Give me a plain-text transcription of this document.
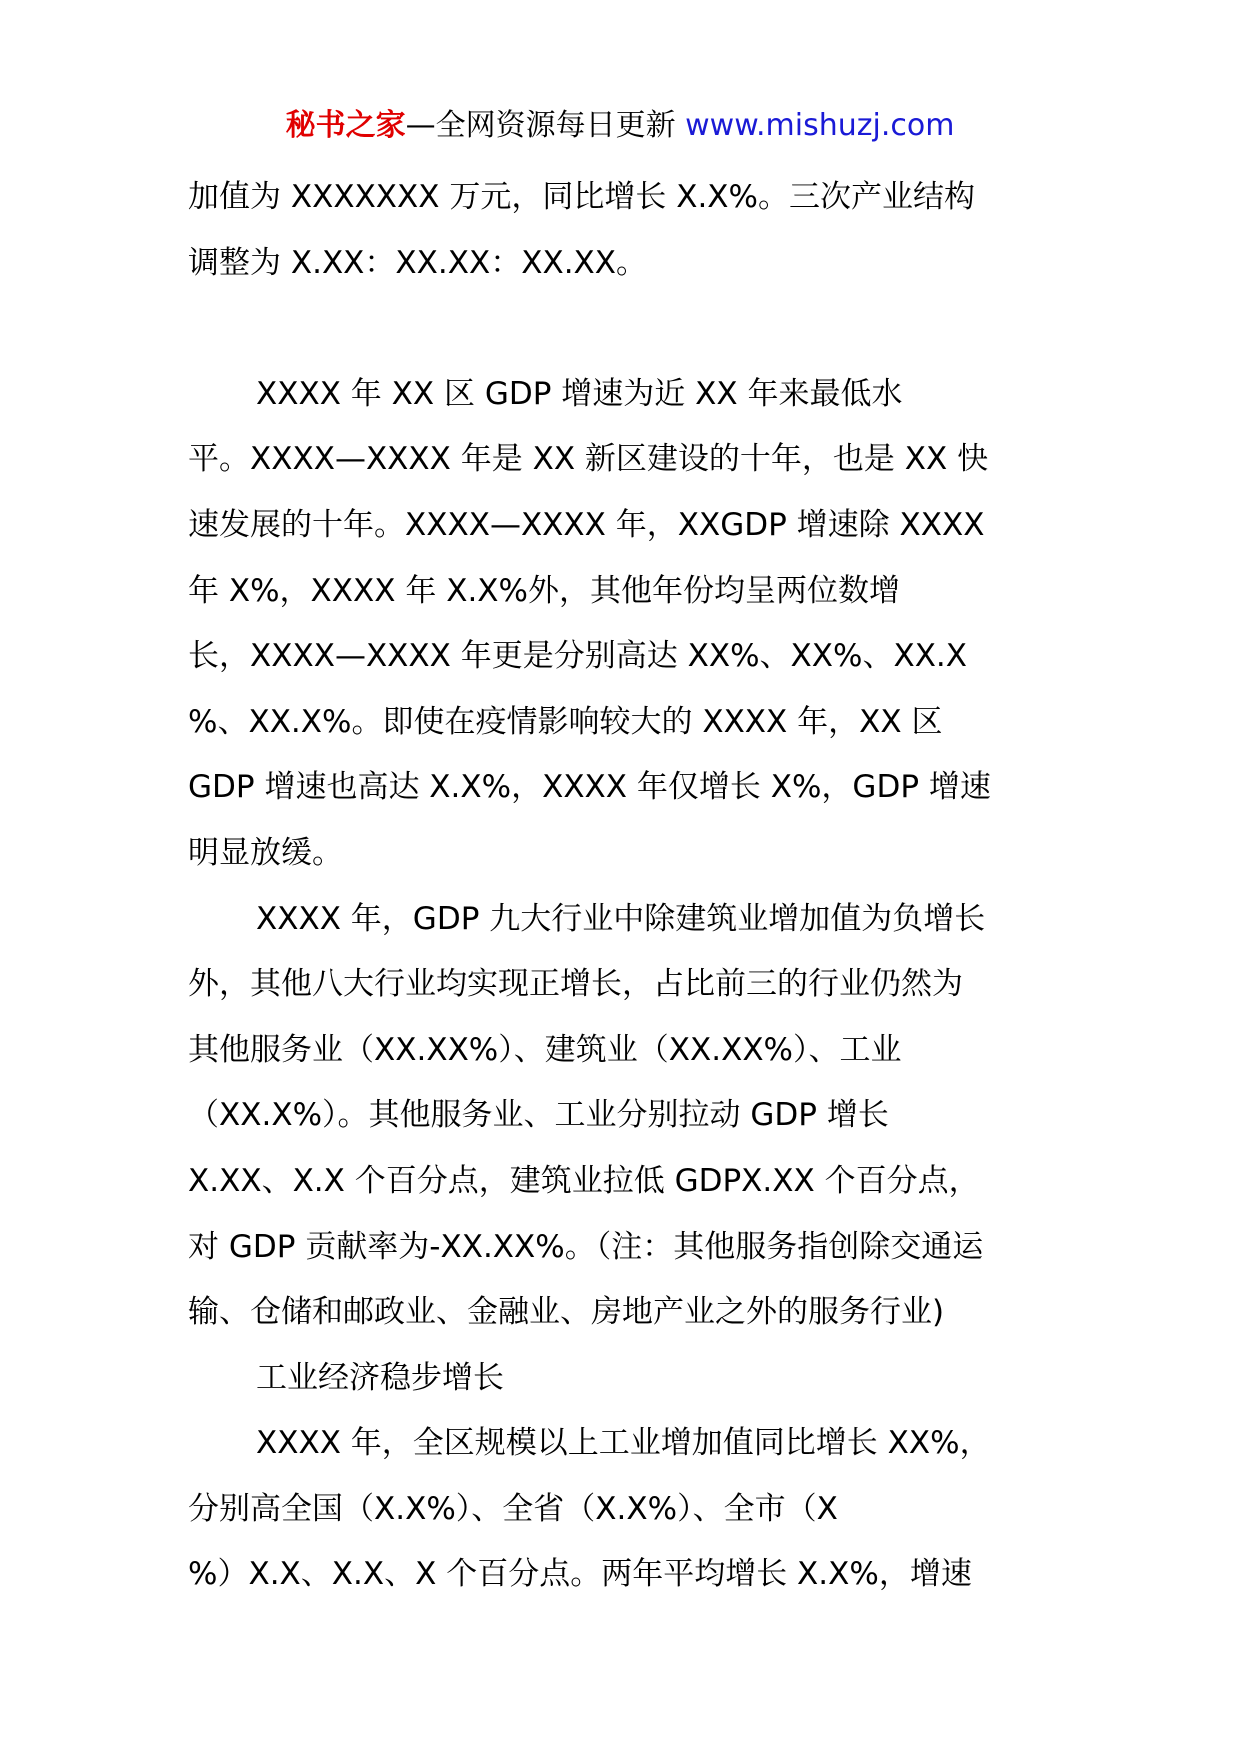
秘书之家—全网资源每日更新 www.mishuzj.com
加值为 XXXXXXX 万元，同比增长 X.X%。三次产业结构
调整为 X.XX：XX.XX：XX.XX。
XXXX 年 XX 区 GDP 增速为近 XX 年来最低水
平。XXXX—XXXX 年是 XX 新区建设的十年，也是 XX 快
速发展的十年。XXXX—XXXX 年，XXGDP 增速除 XXXX
年 X%，XXXX 年 X.X%外，其他年份均呈两位数增
长，XXXX—XXXX 年更是分别高达 XX%、XX%、XX.X
%、XX.X%。即使在疫情影响较大的 XXXX 年，XX 区
GDP 增速也高达 X.X%，XXXX 年仅增长 X%，GDP 增速
明显放缓。
XXXX 年，GDP 九大行业中除建筑业增加值为负增长
外，其他八大行业均实现正增长，占比前三的行业仍然为
其他服务业（XX.XX%）、建筑业（XX.XX%）、工业
（XX.X%）。其他服务业、工业分别拉动 GDP 增长
X.XX、X.X 个百分点，建筑业拉低 GDPX.XX 个百分点，
对 GDP 贡献率为-XX.XX%。（注：其他服务指创除交通运
输、仓储和邮政业、金融业、房地产业之外的服务行业)
工业经济稳步增长
XXXX 年，全区规模以上工业增加值同比增长 XX%，
分别高全国（X.X%）、全省（X.X%）、全市（X
%）X.X、X.X、X 个百分点。两年平均增长 X.X%，增速
